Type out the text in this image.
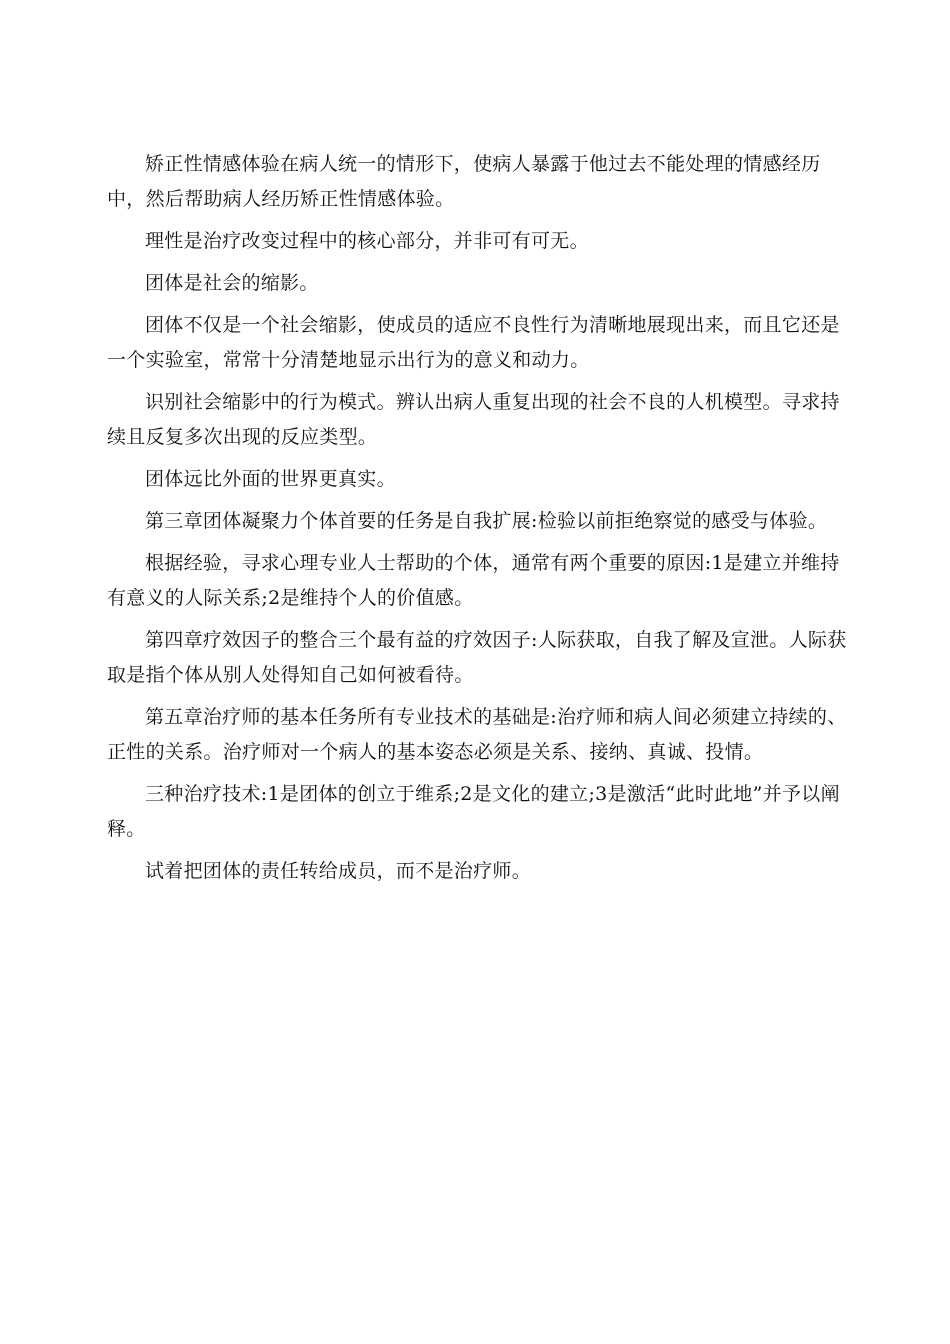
矫正性情感体验在病人统一的情形下，使病人暴露于他过去不能处理的情感经历中，然后帮助病人经历矫正性情感体验。

理性是治疗改变过程中的核心部分，并非可有可无。

团体是社会的缩影。

团体不仅是一个社会缩影，使成员的适应不良性行为清晰地展现出来，而且它还是一个实验室，常常十分清楚地显示出行为的意义和动力。

识别社会缩影中的行为模式。辨认出病人重复出现的社会不良的人机模型。寻求持续且反复多次出现的反应类型。

团体远比外面的世界更真实。

第三章团体凝聚力个体首要的任务是自我扩展:检验以前拒绝察觉的感受与体验。

根据经验，寻求心理专业人士帮助的个体，通常有两个重要的原因:1是建立并维持有意义的人际关系;2是维持个人的价值感。

第四章疗效因子的整合三个最有益的疗效因子:人际获取，自我了解及宣泄。人际获取是指个体从别人处得知自己如何被看待。

第五章治疗师的基本任务所有专业技术的基础是:治疗师和病人间必须建立持续的、正性的关系。治疗师对一个病人的基本姿态必须是关系、接纳、真诚、投情。

三种治疗技术:1是团体的创立于维系;2是文化的建立;3是激活“此时此地”并予以阐释。

试着把团体的责任转给成员，而不是治疗师。
